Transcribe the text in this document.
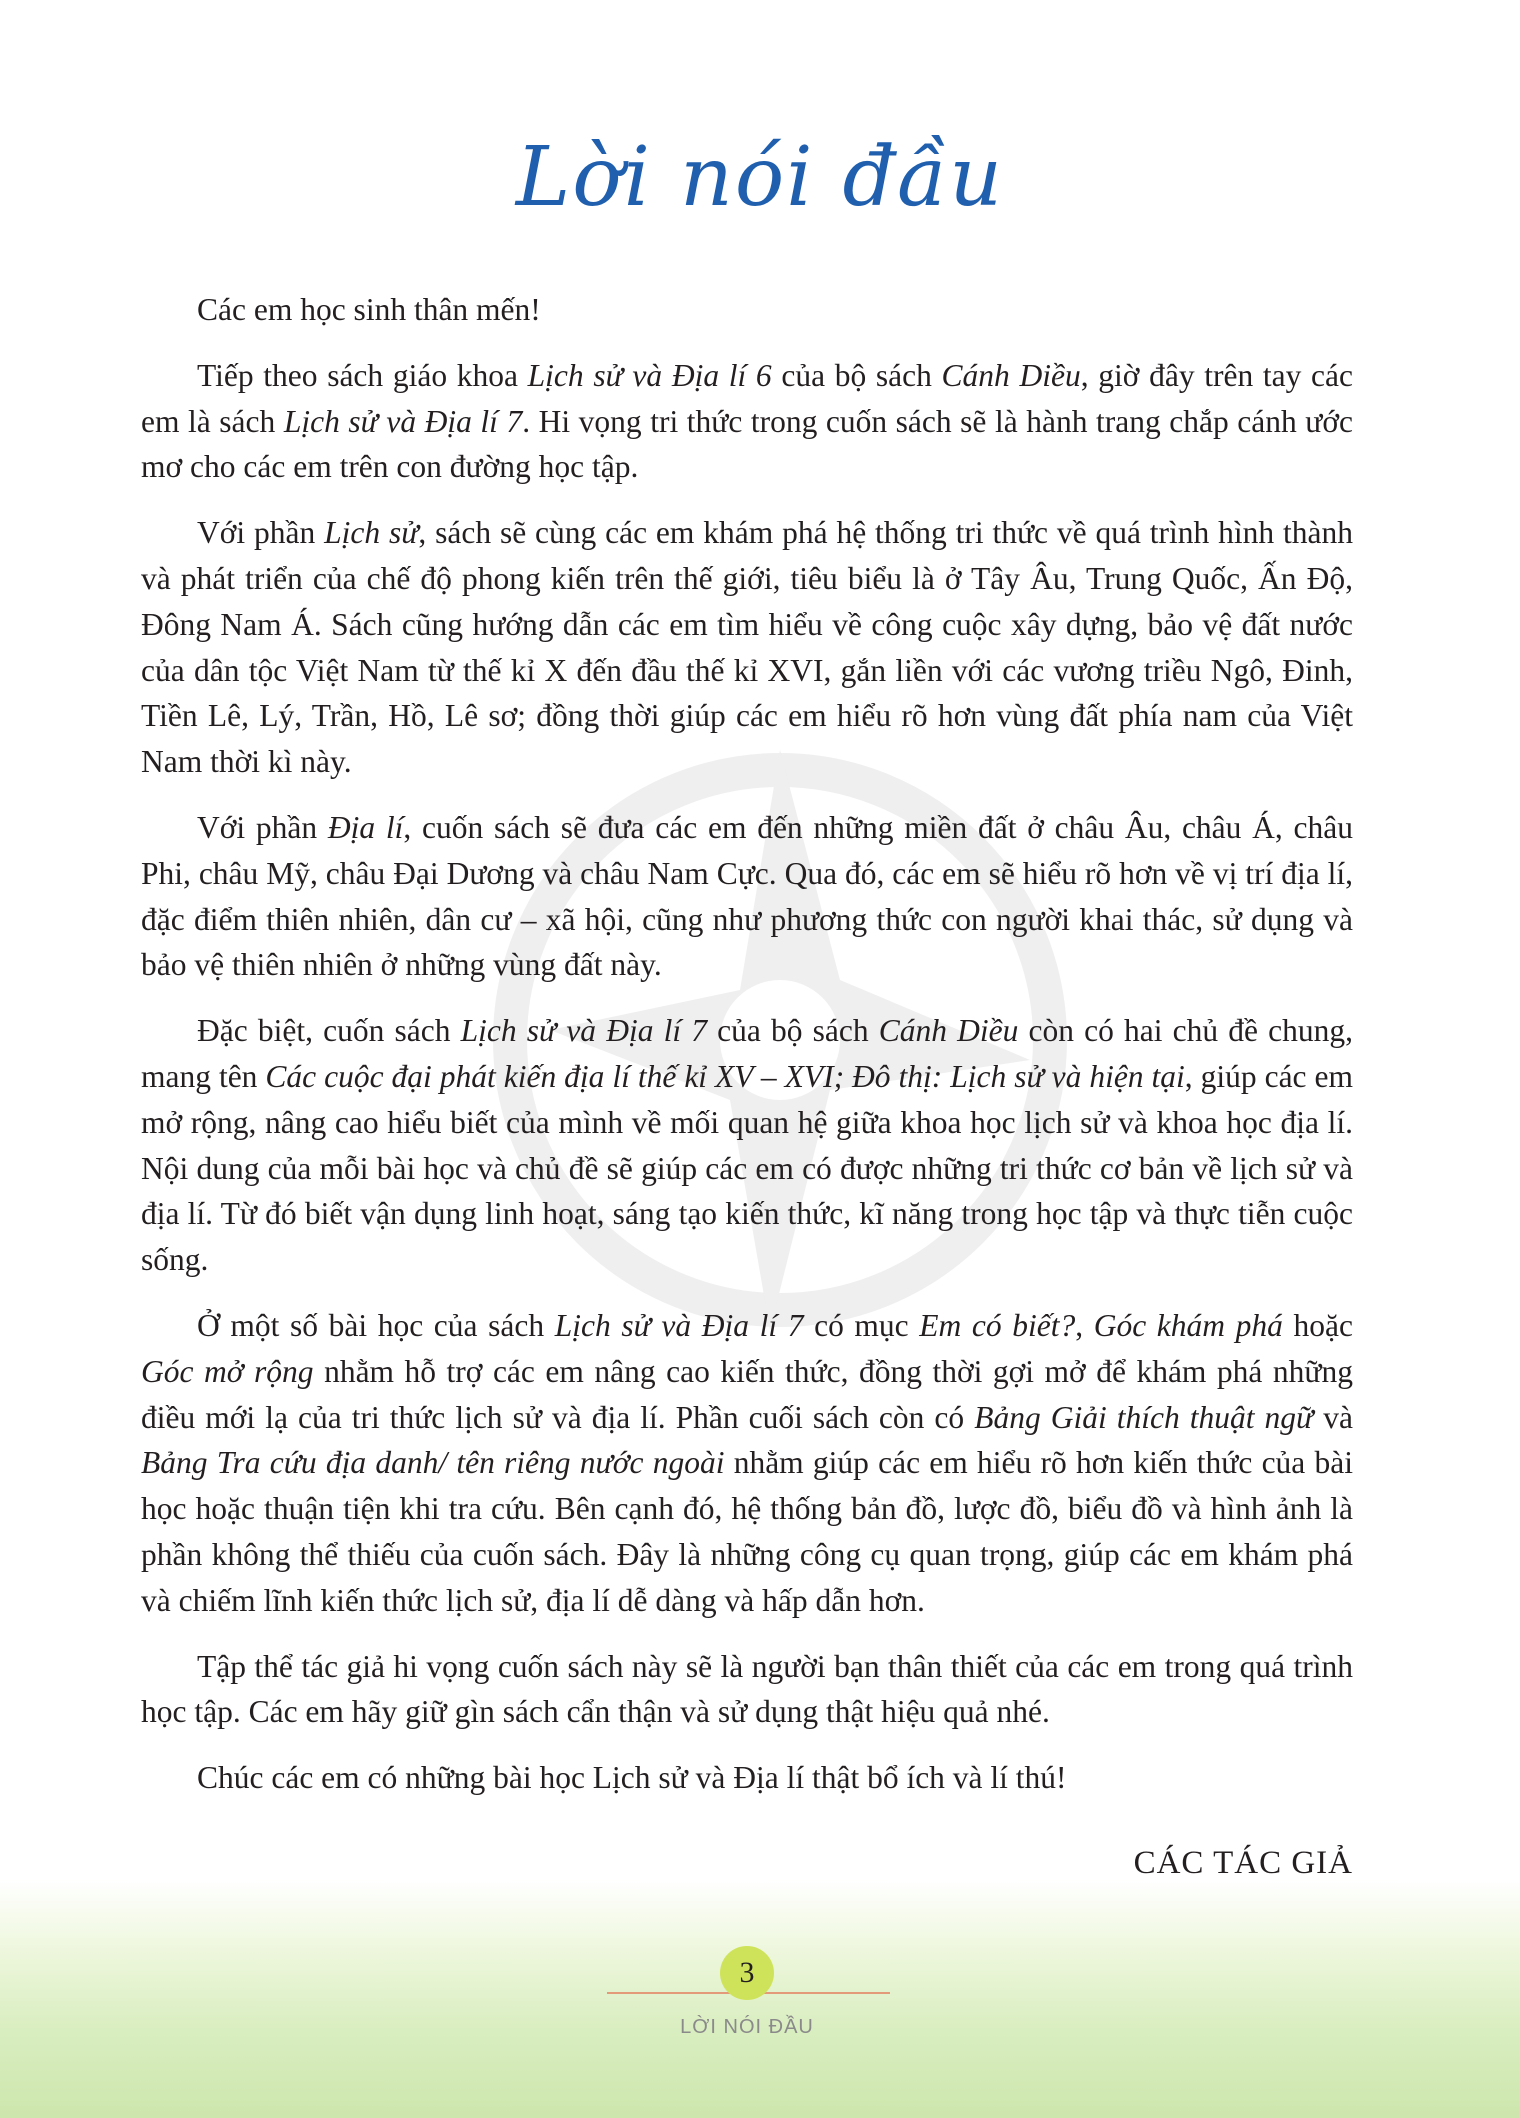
Lời nói đầu

Các em học sinh thân mến!

Tiếp theo sách giáo khoa Lịch sử và Địa lí 6 của bộ sách Cánh Diều, giờ đây trên tay các em là sách Lịch sử và Địa lí 7. Hi vọng tri thức trong cuốn sách sẽ là hành trang chắp cánh ước mơ cho các em trên con đường học tập.

Với phần Lịch sử, sách sẽ cùng các em khám phá hệ thống tri thức về quá trình hình thành và phát triển của chế độ phong kiến trên thế giới, tiêu biểu là ở Tây Âu, Trung Quốc, Ấn Độ, Đông Nam Á. Sách cũng hướng dẫn các em tìm hiểu về công cuộc xây dựng, bảo vệ đất nước của dân tộc Việt Nam từ thế kỉ X đến đầu thế kỉ XVI, gắn liền với các vương triều Ngô, Đinh, Tiền Lê, Lý, Trần, Hồ, Lê sơ; đồng thời giúp các em hiểu rõ hơn vùng đất phía nam của Việt Nam thời kì này.

Với phần Địa lí, cuốn sách sẽ đưa các em đến những miền đất ở châu Âu, châu Á, châu Phi, châu Mỹ, châu Đại Dương và châu Nam Cực. Qua đó, các em sẽ hiểu rõ hơn về vị trí địa lí, đặc điểm thiên nhiên, dân cư – xã hội, cũng như phương thức con người khai thác, sử dụng và bảo vệ thiên nhiên ở những vùng đất này.

Đặc biệt, cuốn sách Lịch sử và Địa lí 7 của bộ sách Cánh Diều còn có hai chủ đề chung, mang tên Các cuộc đại phát kiến địa lí thế kỉ XV – XVI; Đô thị: Lịch sử và hiện tại, giúp các em mở rộng, nâng cao hiểu biết của mình về mối quan hệ giữa khoa học lịch sử và khoa học địa lí. Nội dung của mỗi bài học và chủ đề sẽ giúp các em có được những tri thức cơ bản về lịch sử và địa lí. Từ đó biết vận dụng linh hoạt, sáng tạo kiến thức, kĩ năng trong học tập và thực tiễn cuộc sống.

Ở một số bài học của sách Lịch sử và Địa lí 7 có mục Em có biết?, Góc khám phá hoặc Góc mở rộng nhằm hỗ trợ các em nâng cao kiến thức, đồng thời gợi mở để khám phá những điều mới lạ của tri thức lịch sử và địa lí. Phần cuối sách còn có Bảng Giải thích thuật ngữ và Bảng Tra cứu địa danh/ tên riêng nước ngoài nhằm giúp các em hiểu rõ hơn kiến thức của bài học hoặc thuận tiện khi tra cứu. Bên cạnh đó, hệ thống bản đồ, lược đồ, biểu đồ và hình ảnh là phần không thể thiếu của cuốn sách. Đây là những công cụ quan trọng, giúp các em khám phá và chiếm lĩnh kiến thức lịch sử, địa lí dễ dàng và hấp dẫn hơn.

Tập thể tác giả hi vọng cuốn sách này sẽ là người bạn thân thiết của các em trong quá trình học tập. Các em hãy giữ gìn sách cẩn thận và sử dụng thật hiệu quả nhé.

Chúc các em có những bài học Lịch sử và Địa lí thật bổ ích và lí thú!

CÁC TÁC GIẢ
3
LỜI NÓI ĐẦU
